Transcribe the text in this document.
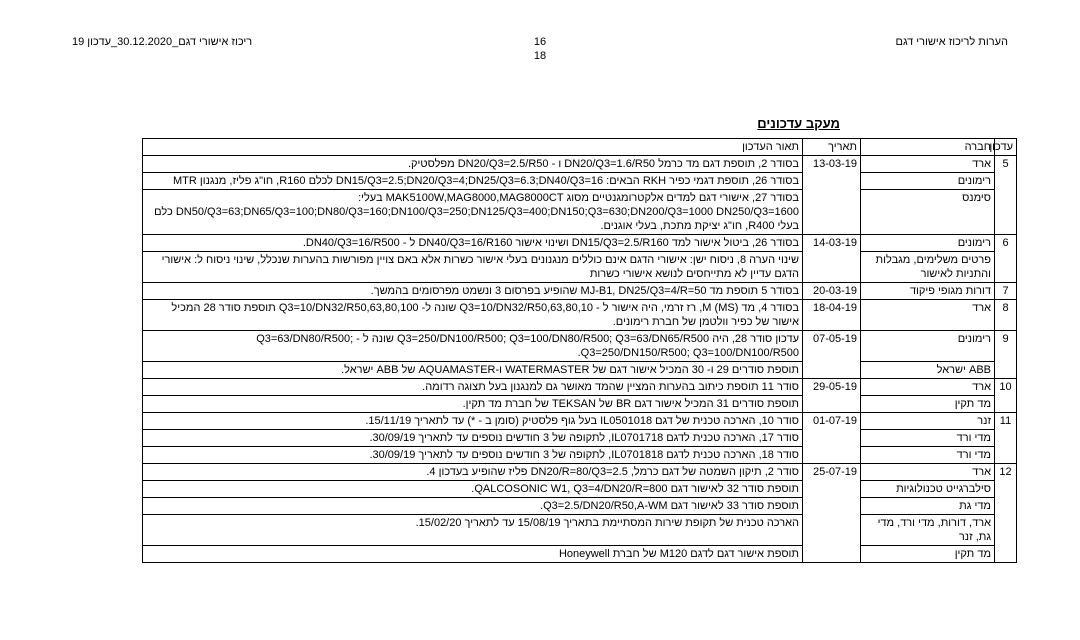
ריכוז אישורי דגם_30.12.2020_עדכון 19	16
18
הערות לריכוז אישורי דגם
מעקב עדכונים
עדכון	חברה	תאריך	תאור העדכון
5	ארד	13-03-19	בסודר 2, תוספת דגם מד כרמל DN20/Q3=1.6/R50 ו - DN20/Q3=2.5/R50 מפלסטיק.
	רימונים		בסודר 26, תוספת דגמי כפיר RKH הבאים: DN15/Q3=2.5;DN20/Q3=4;DN25/Q3=6.3;DN40/Q3=16 לכלם R160, חו"ג פליז, מנגנון MTR
	סימנס		בסודר 27, אישורי דגם למדים אלקטרומגנטיים מסוג MAK5100W,MAG8000,MAG8000CT בעלי: DN50/Q3=63;DN65/Q3=100;DN80/Q3=160;DN100/Q3=250;DN125/Q3=400;DN150;Q3=630;DN200/Q3=1000 DN250/Q3=1600 כלם בעלי R400, חו"ג יציקת מתכת, בעלי אוגנים.
6	רימונים	14-03-19	בסודר 26, ביטול אישור למד DN15/Q3=2.5/R160 ושינוי אישור DN40/Q3=16/R160 ל - DN40/Q3=16/R500.
	פרטים משלימים, מגבלות והתניות לאישור		שינוי הערה 8, ניסוח ישן: אישורי הדגם אינם כוללים מנגנונים בעלי אישור כשרות אלא באם צויין מפורשות בהערות שנכלל, שינוי ניסוח ל: אישורי הדגם עדיין לא מתייחסים לנושא אישורי כשרות
7	דורות מגופי פיקוד	20-03-19	בסודר 5 תוספת מד MJ-B1, DN25/Q3=4/R=50 שהופיע בפרסום 3 ונשמט מפרסומים בהמשך.
8	ארד	18-04-19	בסודר 4, מד (MS) M, רז זרמי, היה אישור ל - Q3=10/DN32/R50,63,80,10 שונה ל- Q3=10/DN32/R50,63,80,100 תוספת סודר 28 המכיל אישור של כפיר וולטמן של חברת רימונים.
9	רימונים	07-05-19	עדכון סודר 28, היה Q3=250/DN100/R500; Q3=100/DN80/R500; Q3=63/DN65/R500 שונה ל - Q3=63/DN80/R500; Q3=250/DN150/R500; Q3=100/DN100/R500.
	ABB ישראל		תוספת סודרים 29 ו- 30 המכיל אישור דגם של WATERMASTER ו-AQUAMASTER של ABB ישראל.
10	ארד	29-05-19	סודר 11 תוספת כיתוב בהערות המציין שהמד מאושר גם למנגנון בעל תצוגה רדומה.
	מד תקין		תוספת סודרים 31 המכיל אישור דגם BR של TEKSAN של חברת מד תקין.
11	זנר	01-07-19	סודר 10, הארכה טכנית של דגם IL0501018 בעל גוף פלסטיק (סומן ב - *) עד לתאריך 15/11/19.
	מדי ורד		סודר 17, הארכה טכנית לדגם IL0701718, לתקופה של 3 חודשים נוספים עד לתאריך 30/09/19.
	מדי ורד		סודר 18, הארכה טכנית לדגם IL0701818, לתקופה של 3 חודשים נוספים עד לתאריך 30/09/19.
12	ארד	25-07-19	סודר 2, תיקון השמטה של דגם כרמל, DN20/R=80/Q3=2.5 פליז שהופיע בעדכון 4.
	סילברגייט טכנולוגיות		תוספת סודר 32 לאישור דגם QALCOSONIC W1, Q3=4/DN20/R=800.
	מדי גת		תוספת סודר 33 לאישור דגם Q3=2.5/DN20/R50,A-WM.
	ארד, דורות, מדי ורד, מדי גת, זנר		הארכה טכנית של תקופת שירות המסתיימת בתאריך 15/08/19 עד לתאריך 15/02/20.
	מד תקין		תוספת אישור דגם לדגם M120 של חברת Honeywell
